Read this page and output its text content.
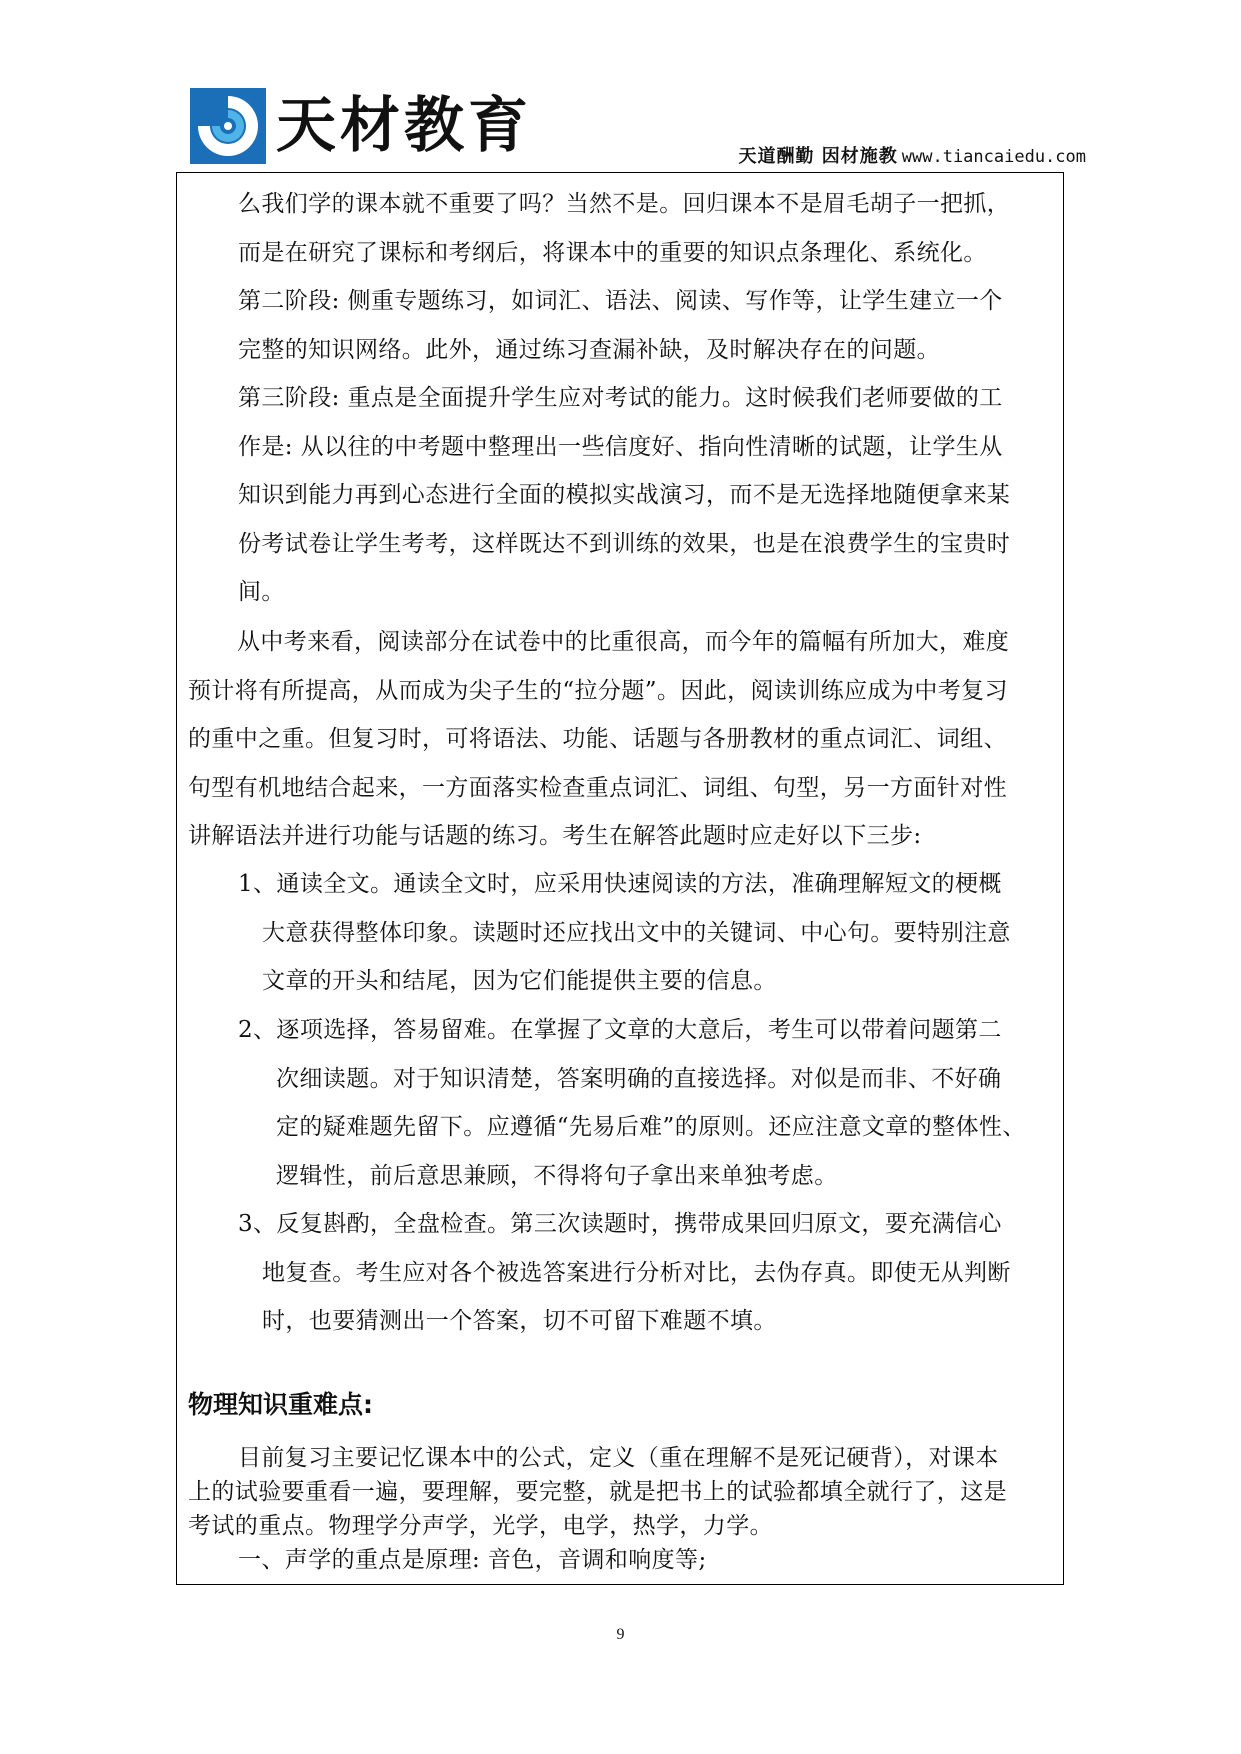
天材教育	天道酬勤 因材施教 www.tiancaiedu.com
么我们学的课本就不重要了吗？当然不是。回归课本不是眉毛胡子一把抓，
而是在研究了课标和考纲后，将课本中的重要的知识点条理化、系统化。
第二阶段: 侧重专题练习，如词汇、语法、阅读、写作等，让学生建立一个
完整的知识网络。此外，通过练习查漏补缺，及时解决存在的问题。
第三阶段: 重点是全面提升学生应对考试的能力。这时候我们老师要做的工
作是: 从以往的中考题中整理出一些信度好、指向性清晰的试题，让学生从
知识到能力再到心态进行全面的模拟实战演习，而不是无选择地随便拿来某
份考试卷让学生考考，这样既达不到训练的效果，也是在浪费学生的宝贵时
间。
从中考来看，阅读部分在试卷中的比重很高，而今年的篇幅有所加大，难度
预计将有所提高，从而成为尖子生的“拉分题”。因此，阅读训练应成为中考复习
的重中之重。但复习时，可将语法、功能、话题与各册教材的重点词汇、词组、
句型有机地结合起来，一方面落实检查重点词汇、词组、句型，另一方面针对性
讲解语法并进行功能与话题的练习。考生在解答此题时应走好以下三步:
1、通读全文。通读全文时，应采用快速阅读的方法，准确理解短文的梗概
大意获得整体印象。读题时还应找出文中的关键词、中心句。要特别注意
文章的开头和结尾，因为它们能提供主要的信息。
2、逐项选择，答易留难。在掌握了文章的大意后，考生可以带着问题第二
次细读题。对于知识清楚，答案明确的直接选择。对似是而非、不好确
定的疑难题先留下。应遵循“先易后难”的原则。还应注意文章的整体性、
逻辑性，前后意思兼顾，不得将句子拿出来单独考虑。
3、反复斟酌，全盘检查。第三次读题时，携带成果回归原文，要充满信心
地复查。考生应对各个被选答案进行分析对比，去伪存真。即使无从判断
时，也要猜测出一个答案，切不可留下难题不填。
物理知识重难点:
目前复习主要记忆课本中的公式，定义（重在理解不是死记硬背），对课本
上的试验要重看一遍，要理解，要完整，就是把书上的试验都填全就行了，这是
考试的重点。物理学分声学，光学，电学，热学，力学。
一、声学的重点是原理: 音色，音调和响度等;
9
